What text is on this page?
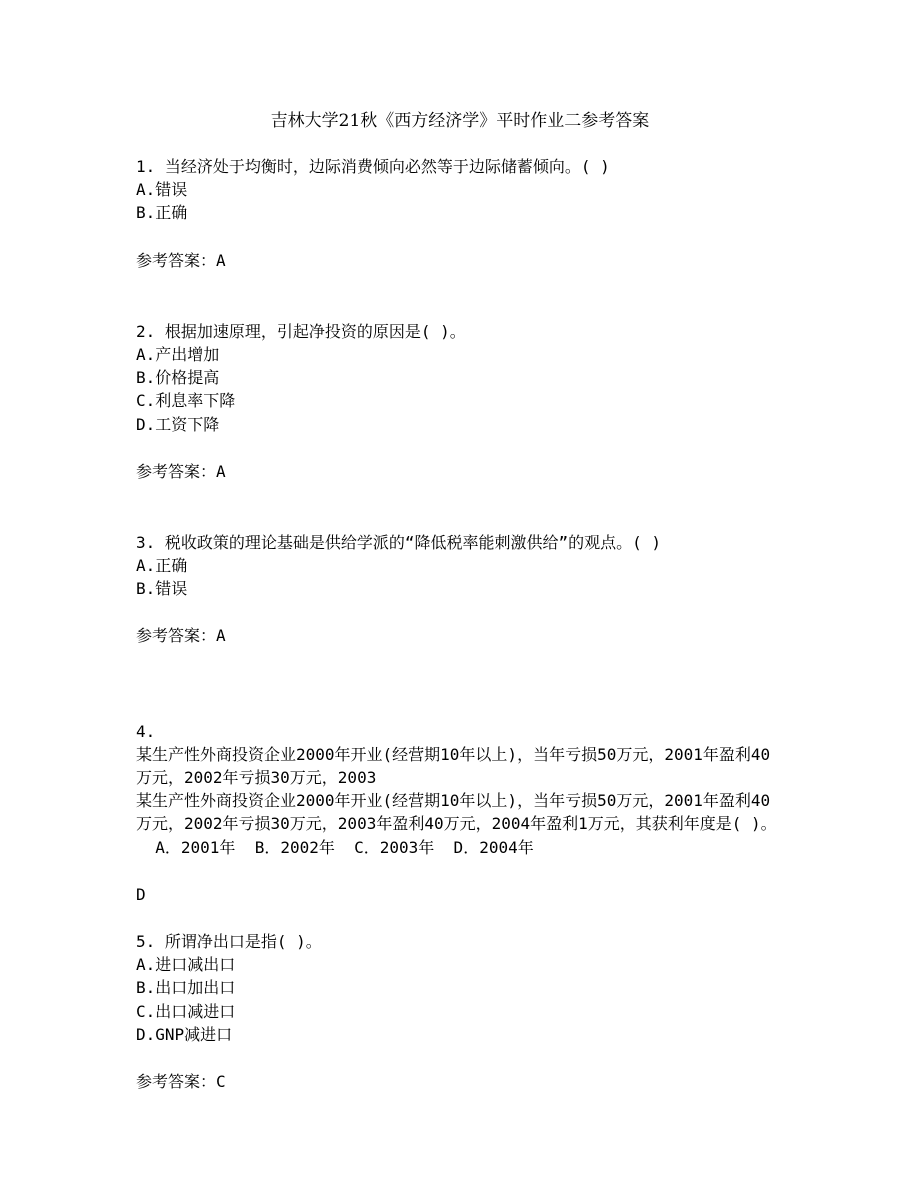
吉林大学21秋《西方经济学》平时作业二参考答案
1. 当经济处于均衡时，边际消费倾向必然等于边际储蓄倾向。( )
A.错误
B.正确
参考答案：A
2. 根据加速原理，引起净投资的原因是( )。
A.产出增加
B.价格提高
C.利息率下降
D.工资下降
参考答案：A
3. 税收政策的理论基础是供给学派的“降低税率能刺激供给”的观点。( )
A.正确
B.错误
参考答案：A
4.
某生产性外商投资企业2000年开业(经营期10年以上)，当年亏损50万元，2001年盈利40万元，2002年亏损30万元，2003
某生产性外商投资企业2000年开业(经营期10年以上)，当年亏损50万元，2001年盈利40万元，2002年亏损30万元，2003年盈利40万元，2004年盈利1万元，其获利年度是( )。
A．2001年  B．2002年  C．2003年  D．2004年
D
5. 所谓净出口是指( )。
A.进口减出口
B.出口加出口
C.出口减进口
D.GNP减进口
参考答案：C
